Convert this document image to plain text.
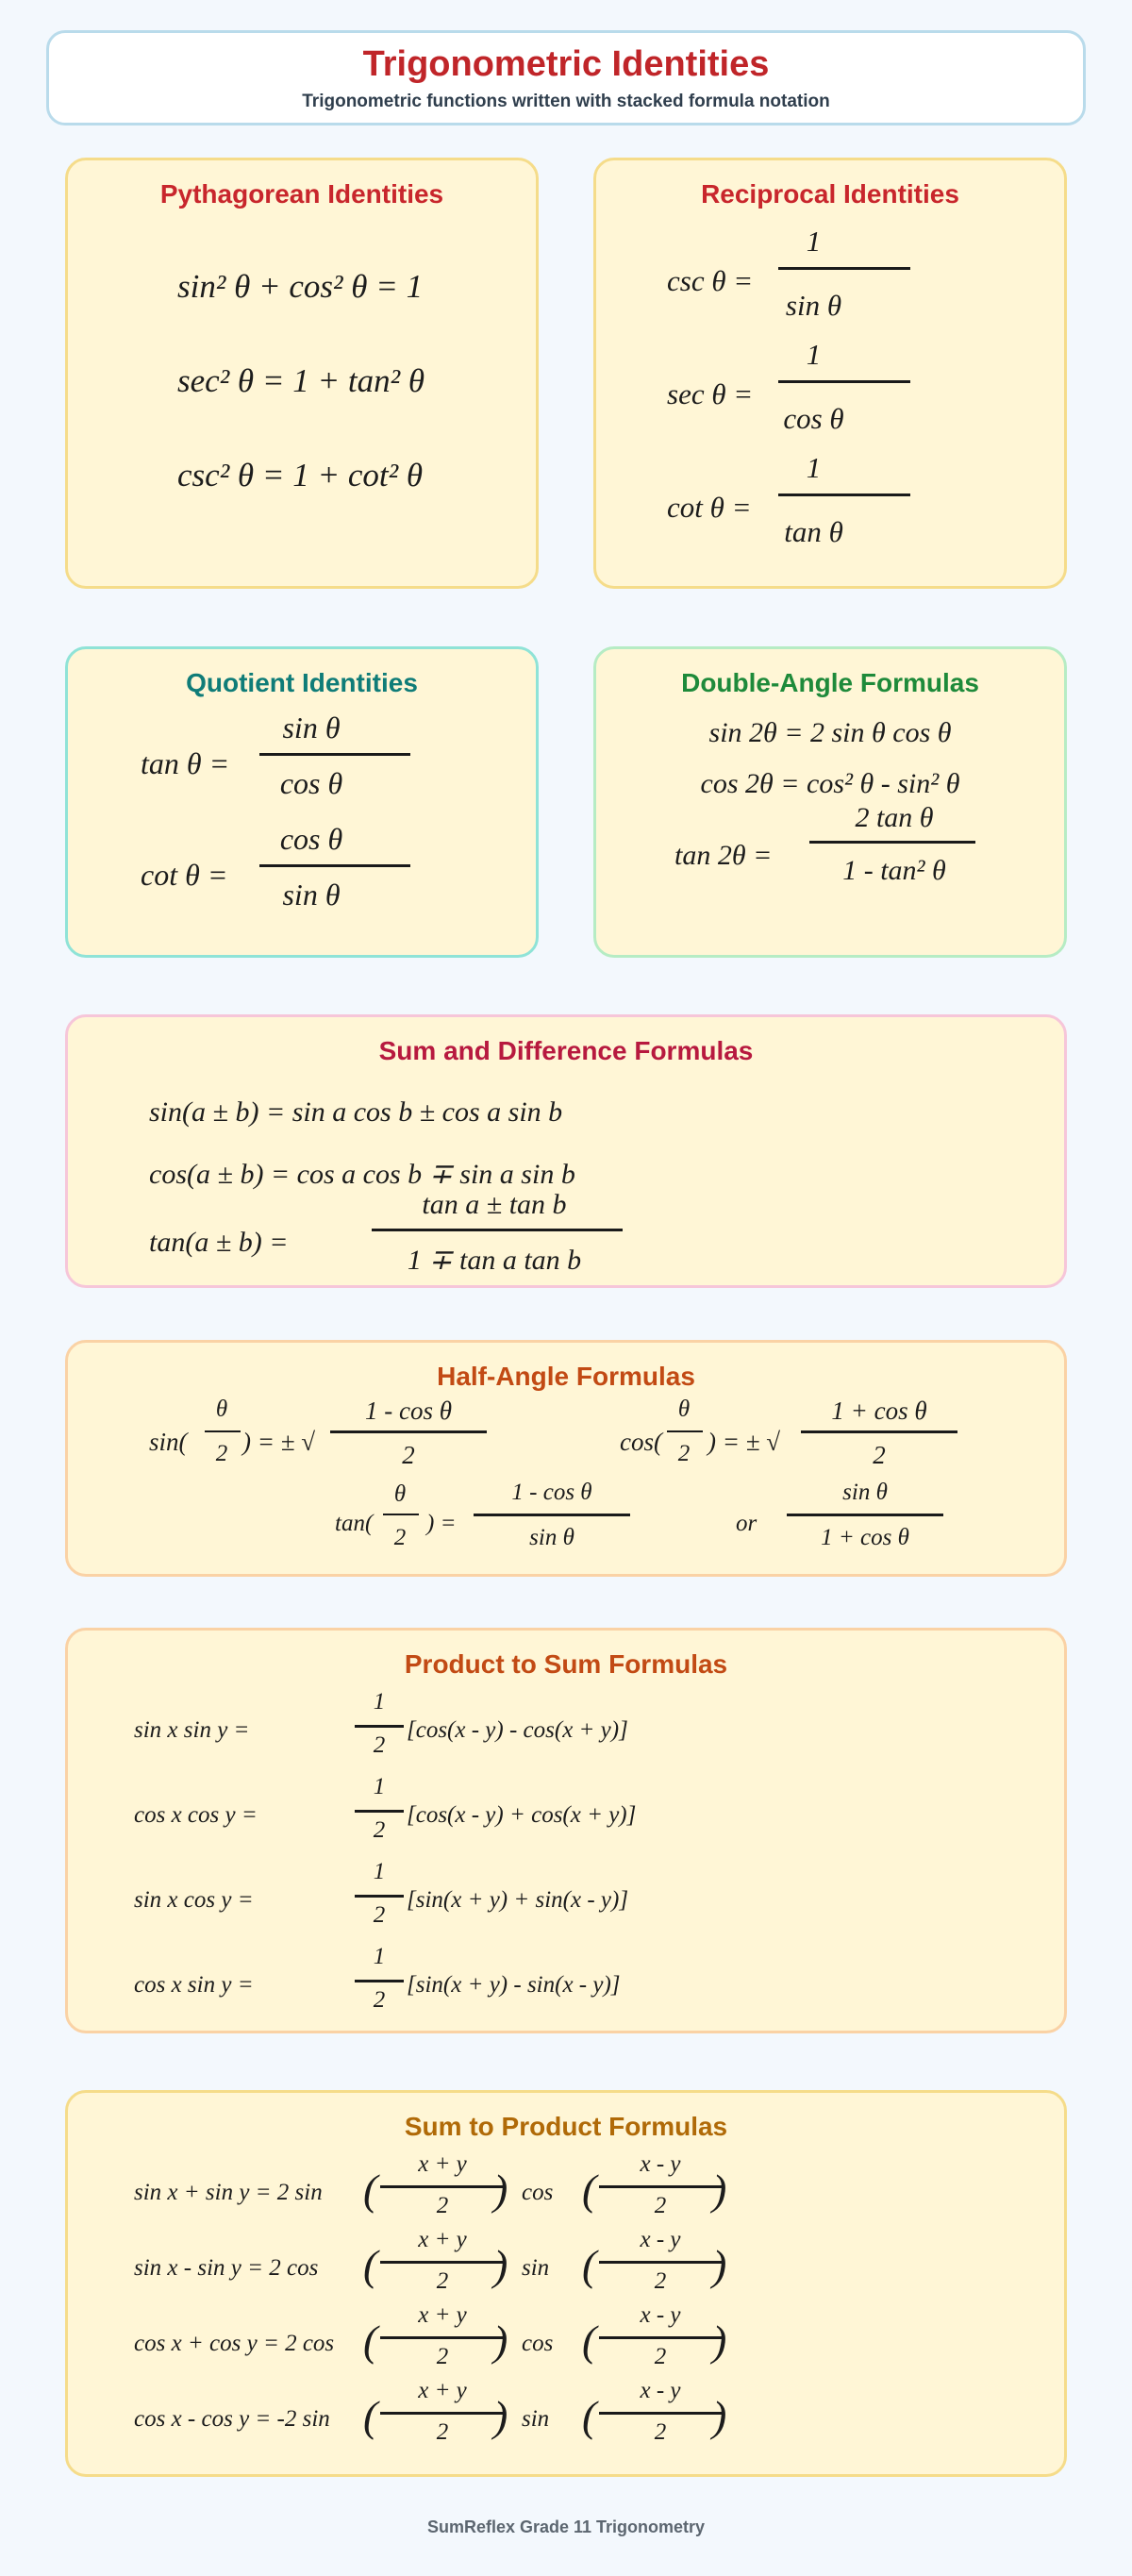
Trigonometric Identities
Trigonometric functions written with stacked formula notation
Pythagorean Identities
sin² θ + cos² θ = 1
sec² θ = 1 + tan² θ
csc² θ = 1 + cot² θ
Reciprocal Identities
csc θ =
1
sin θ
sec θ =
1
cos θ
cot θ =
1
tan θ
Quotient Identities
tan θ =
sin θ
cos θ
cot θ =
cos θ
sin θ
Double-Angle Formulas
sin 2θ = 2 sin θ cos θ
cos 2θ = cos² θ - sin² θ
tan 2θ =
2 tan θ
1 - tan² θ
Sum and Difference Formulas
sin(a ± b) = sin a cos b ± cos a sin b
cos(a ± b) = cos a cos b ∓ sin a sin b
tan(a ± b) =
tan a ± tan b
1 ∓ tan a tan b
Half-Angle Formulas
sin(
θ
2 ) = ± √
1 - cos θ
2	cos(
θ
2 ) = ± √
1 + cos θ
2
tan(
θ
2
) =
1 - cos θ
sin θ
or
sin θ
1 + cos θ
Product to Sum Formulas
sin x sin y =
1
2
[cos(x - y) - cos(x + y)]
cos x cos y =
1
2
[cos(x - y) + cos(x + y)]
sin x cos y =
1
2
[sin(x + y) + sin(x - y)]
cos x sin y =
1
2
[sin(x + y) - sin(x - y)]
Sum to Product Formulas
sin x + sin y = 2 sin (
x + y
2	) cos (
x - y
2	)
sin x - sin y = 2 cos (
x + y
2	) sin (
x - y
2	)
cos x + cos y = 2 cos (
x + y
2	) cos (
x - y
2	)
cos x - cos y = -2 sin (
x + y
2	) sin (
x - y
2	)
SumReflex Grade 11 Trigonometry
